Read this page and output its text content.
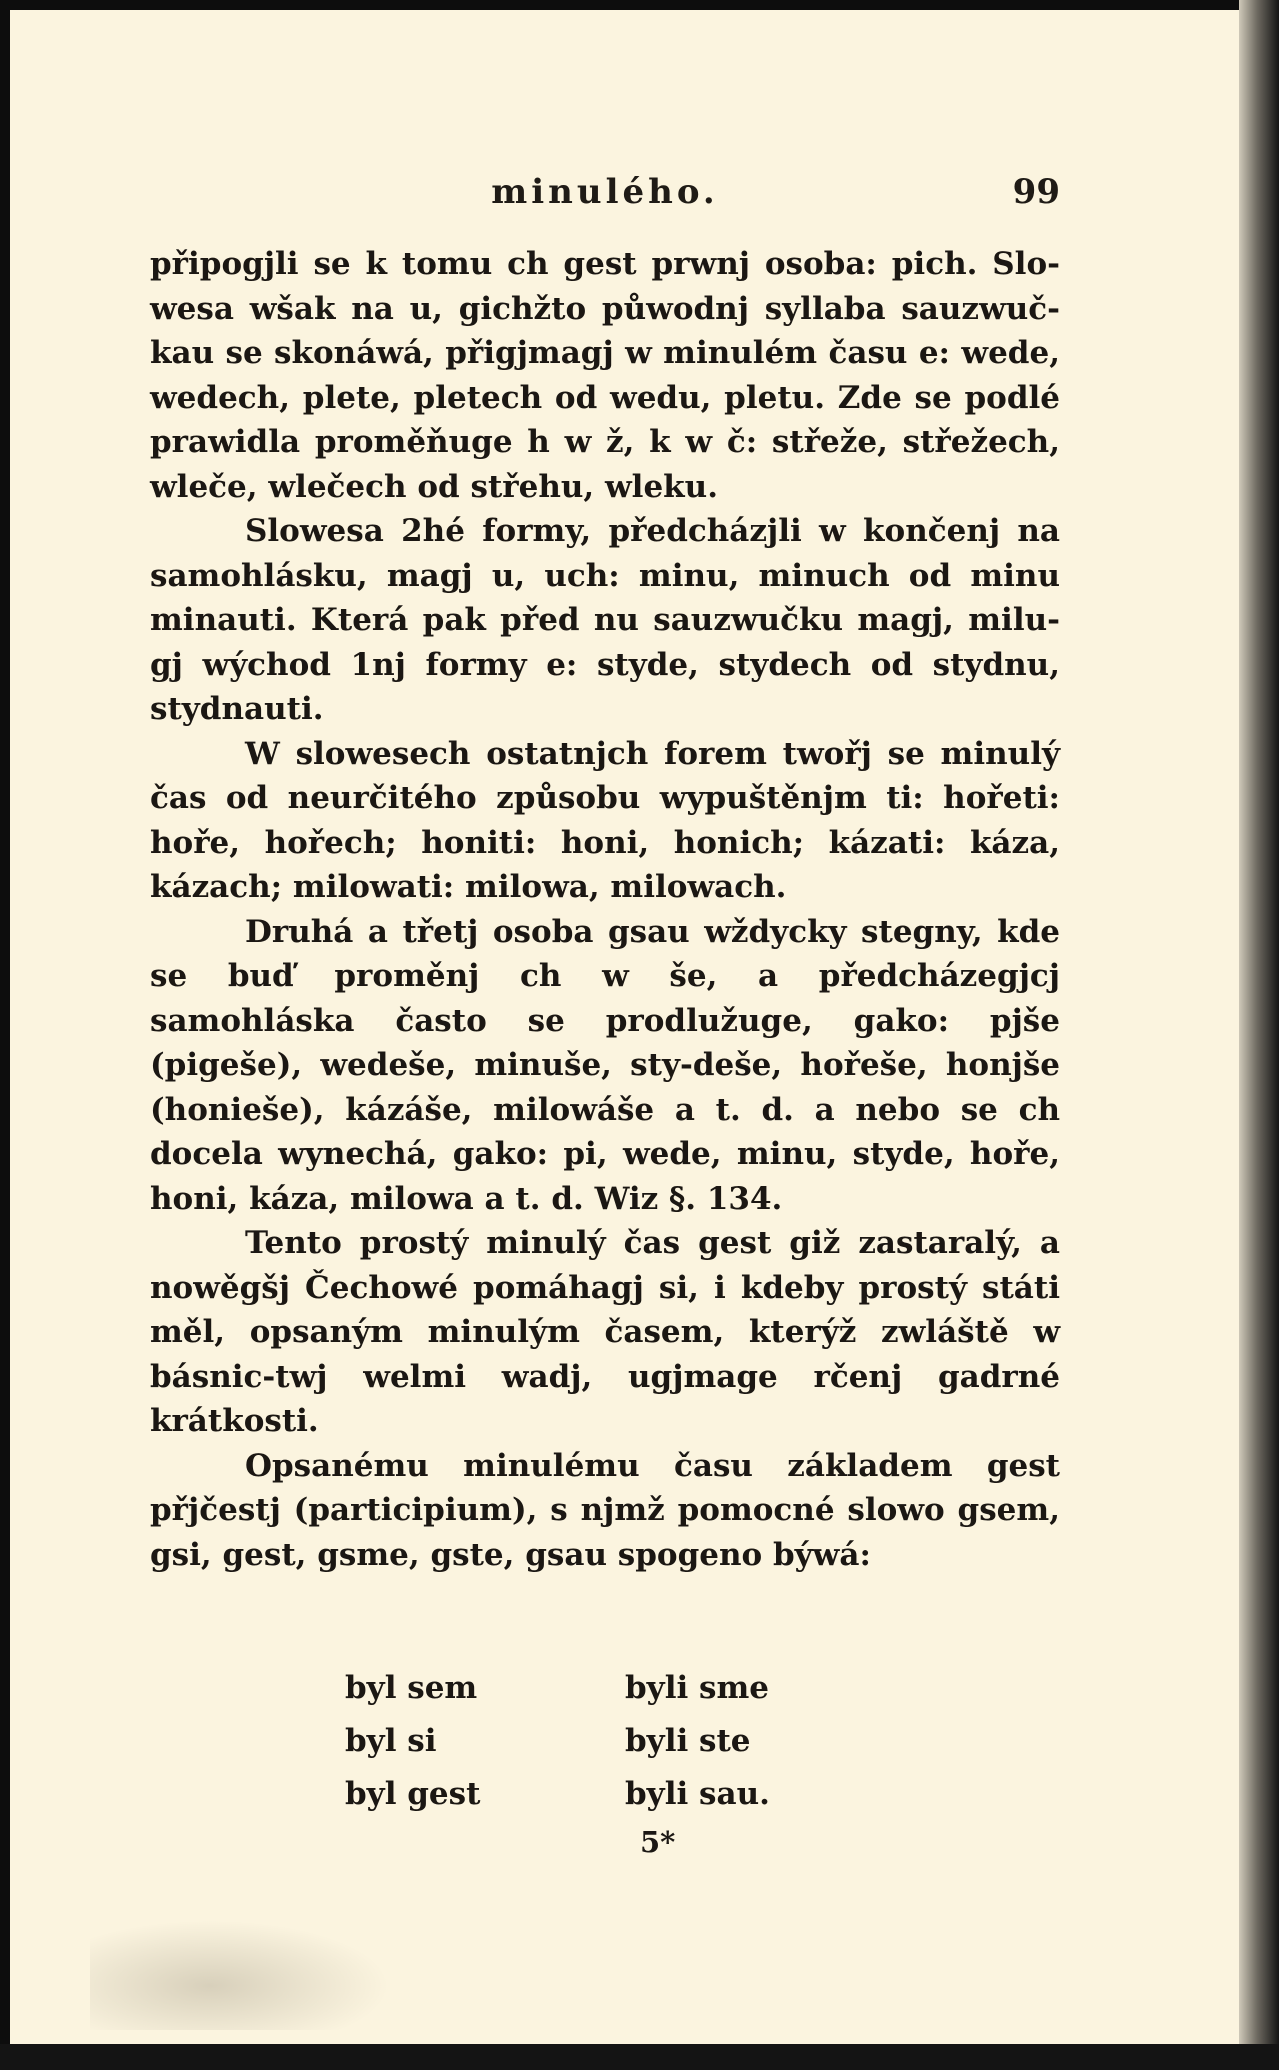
minulého.	99

připogjli se k tomu ch gest prwnj osoba: pich. Slo-wesa wšak na u, gichžto půwodnj syllaba sauzwuč-kau se skonáwá, přigjmagj w minulém času e: wede, wedech, plete, pletech od wedu, pletu. Zde se podlé prawidla proměňuge h w ž, k w č: střeže, střežech, wleče, wlečech od střehu, wleku.

Slowesa 2hé formy, předcházjli w končenj na samohlásku, magj u, uch: minu, minuch od minu minauti. Která pak před nu sauzwučku magj, milu-gj wýchod 1nj formy e: styde, stydech od stydnu, stydnauti.

W slowesech ostatnjch forem twořj se minulý čas od neurčitého způsobu wypuštěnjm ti: hořeti: hoře, hořech; honiti: honi, honich; kázati: káza, kázach; milowati: milowa, milowach.

Druhá a třetj osoba gsau wždycky stegny, kde se buď proměnj ch w še, a předcházegjcj samohláska často se prodlužuge, gako: pjše (pigeše), wedeše, minuše, sty-deše, hořeše, honjše (honieše), kázáše, milowáše a t. d. a nebo se ch docela wynechá, gako: pi, wede, minu, styde, hoře, honi, káza, milowa a t. d. Wiz §. 134.

Tento prostý minulý čas gest giž zastaralý, a nowěgšj Čechowé pomáhagj si, i kdeby prostý státi měl, opsaným minulým časem, kterýž zwláště w básnic-twj welmi wadj, ugjmage rčenj gadrné krátkosti.

Opsanému minulému času základem gest přjčestj (participium), s njmž pomocné slowo gsem, gsi, gest, gsme, gste, gsau spogeno býwá:

byl sem	byli sme
byl si	byli ste
byl gest	byli sau.
5*
